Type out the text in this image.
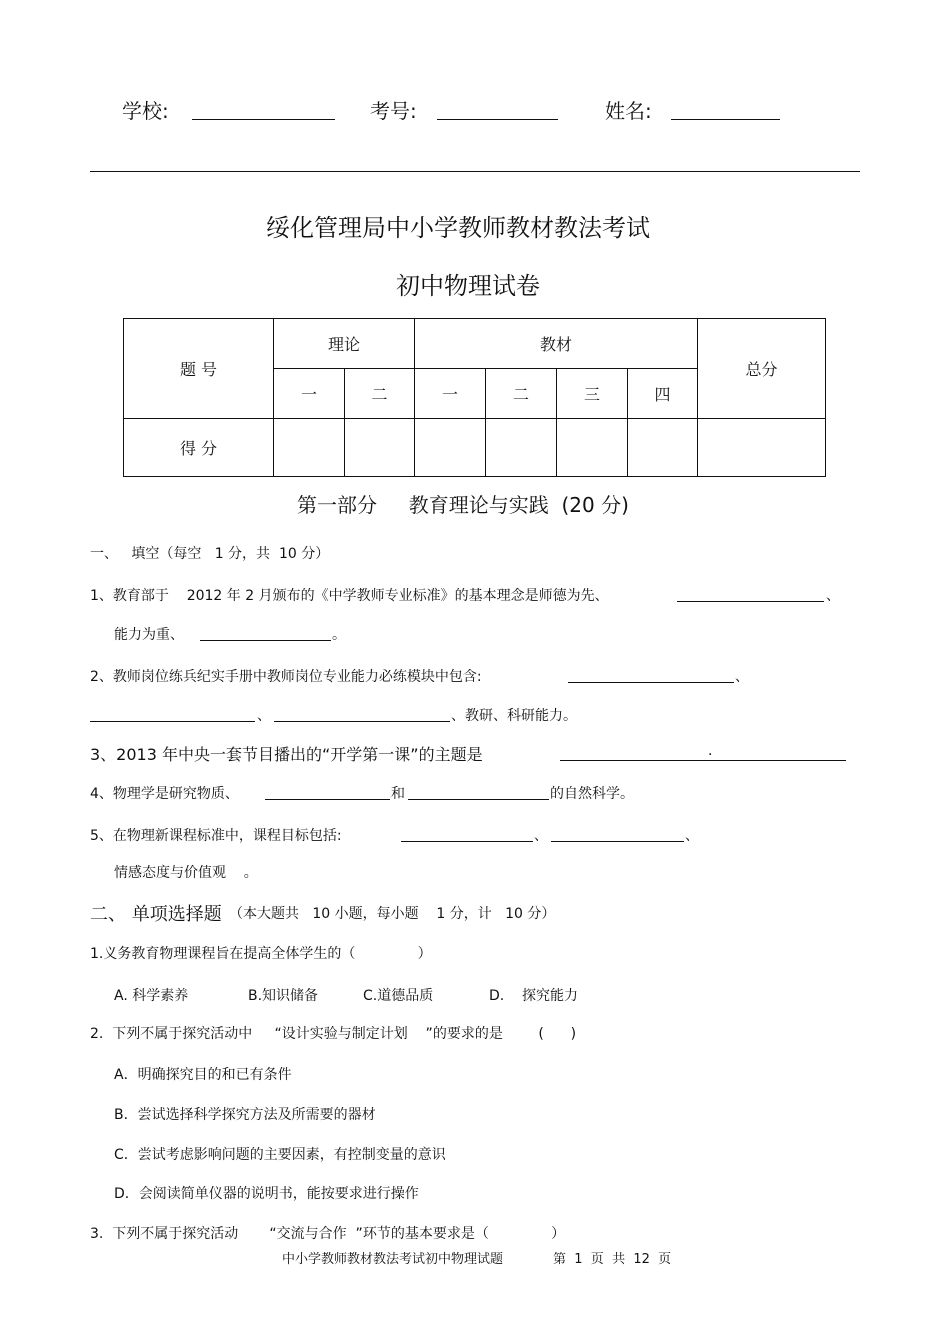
学校:	考号:	姓名:
绥化管理局中小学教师教材教法考试
初中物理试卷
题 号	理论		教材				总分
	一	二	一	二	三	四	
得 分							
第一部分     教育理论与实践  (20 分)
一、   填空（每空   1 分，共  10 分）
1、教育部于    2012 年 2 月颁布的《中学教师专业标准》的基本理念是师德为先、	、
能力为重、	。
2、教师岗位练兵纪实手册中教师岗位专业能力必练模块中包含:	、
、	、教研、科研能力。
3、2013 年中央一套节目播出的“开学第一课”的主题是	.
4、物理学是研究物质、	和	的自然科学。
5、在物理新课程标准中，课程目标包括:	、	、
情感态度与价值观    。
二、 单项选择题 （本大题共   10 小题，每小题    1 分，计   10 分）
1.义务教育物理课程旨在提高全体学生的（              ）
A. 科学素养	B.知识储备	C.道德品质	D.    探究能力
2.  下列不属于探究活动中     “设计实验与制定计划    ”的要求的是        (      )
A．明确探究目的和已有条件
B．尝试选择科学探究方法及所需要的器材
C．尝试考虑影响问题的主要因素，有控制变量的意识
D．会阅读简单仪器的说明书，能按要求进行操作
3.  下列不属于探究活动       “交流与合作  ”环节的基本要求是（              ）
中小学教师教材教法考试初中物理试题	第  1  页  共  12  页
